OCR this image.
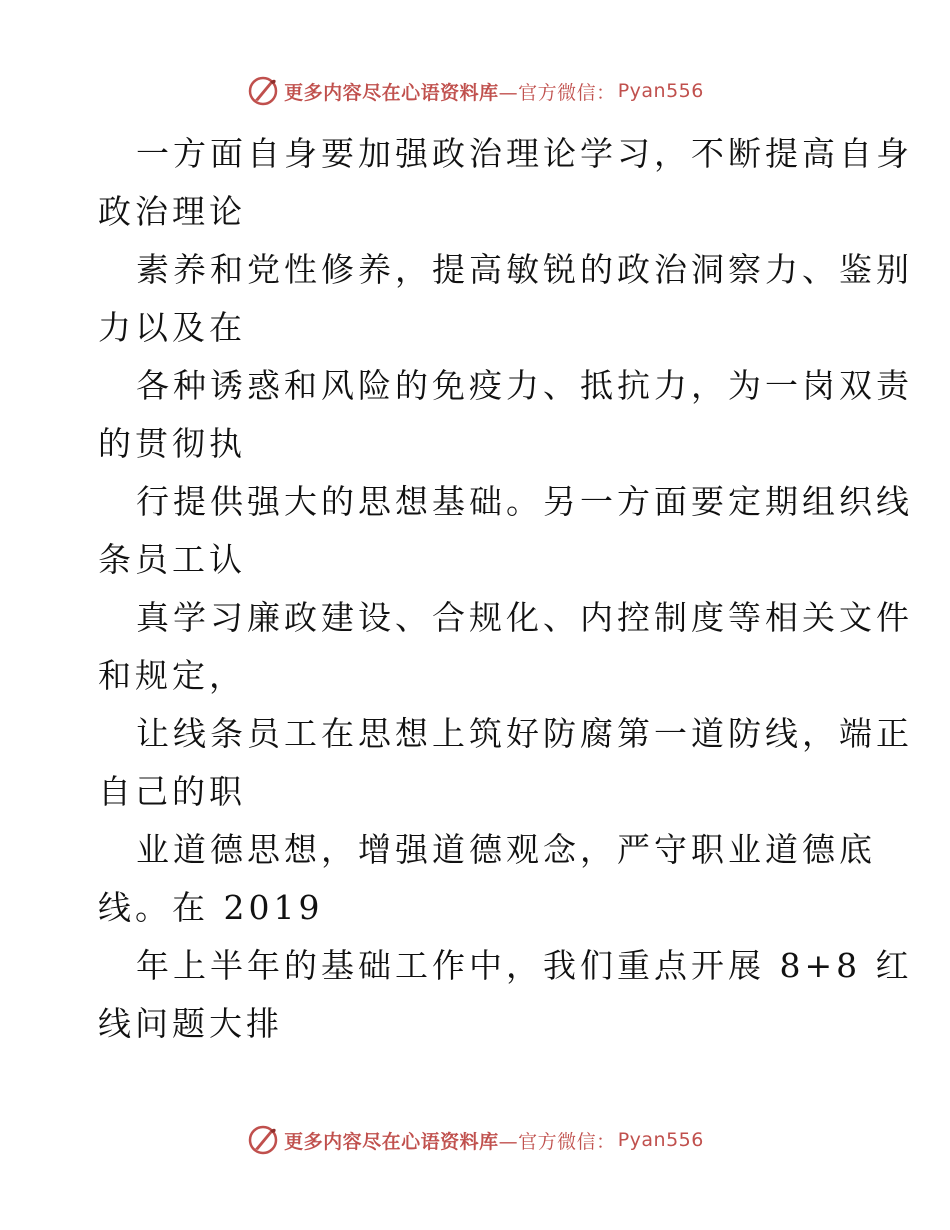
更多内容尽在心语资料库 —官方微信： Pyan556
一方面自身要加强政治理论学习，不断提高自身
政治理论
素养和党性修养，提高敏锐的政治洞察力、鉴别
力以及在
各种诱惑和风险的免疫力、抵抗力，为一岗双责
的贯彻执
行提供强大的思想基础。另一方面要定期组织线
条员工认
真学习廉政建设、合规化、内控制度等相关文件
和规定，
让线条员工在思想上筑好防腐第一道防线，端正
自己的职
业道德思想，增强道德观念，严守职业道德底
线。在 2019
年上半年的基础工作中，我们重点开展 8+8 红
线问题大排
更多内容尽在心语资料库 —官方微信： Pyan556
